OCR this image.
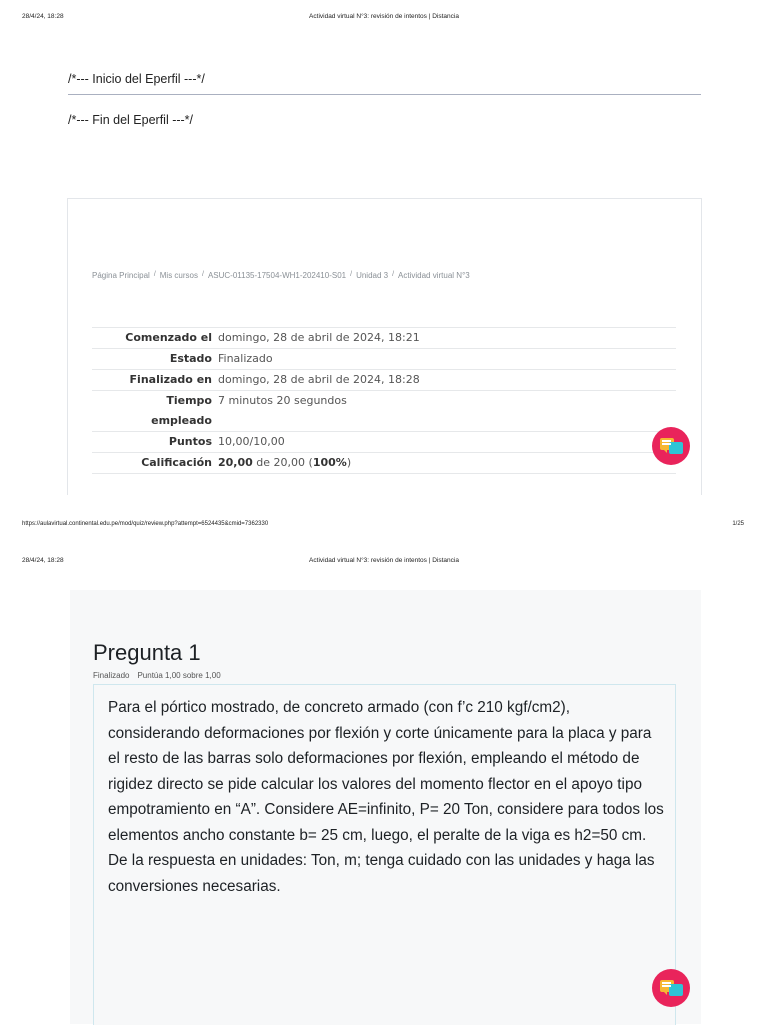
28/4/24, 18:28	Actividad virtual N°3: revisión de intentos | Distancia
/*--- Inicio del Eperfil ---*/
/*--- Fin del Eperfil ---*/
Página Principal / Mis cursos / ASUC-01135-17504-WH1-202410-S01 / Unidad 3 / Actividad virtual N°3
Comenzado el	domingo, 28 de abril de 2024, 18:21
Estado	Finalizado
Finalizado en	domingo, 28 de abril de 2024, 18:28
Tiempo
empleado	7 minutos 20 segundos
Puntos	10,00/10,00
Calificación	20,00 de 20,00 (100%)
https://aulavirtual.continental.edu.pe/mod/quiz/review.php?attempt=6524435&cmid=7362330	1/25
28/4/24, 18:28	Actividad virtual N°3: revisión de intentos | Distancia
Pregunta 1
Finalizado Puntúa 1,00 sobre 1,00
Para el pórtico mostrado, de concreto armado (con f’c 210 kgf/cm2), considerando deformaciones por flexión y corte únicamente para la placa y para el resto de las barras solo deformaciones por flexión, empleando el método de rigidez directo se pide calcular los valores del momento flector en el apoyo tipo empotramiento en “A”. Considere AE=infinito, P= 20 Ton, considere para todos los elementos ancho constante b= 25 cm, luego, el peralte de la viga es h2=50 cm. De la respuesta en unidades: Ton, m; tenga cuidado con las unidades y haga las conversiones necesarias.
